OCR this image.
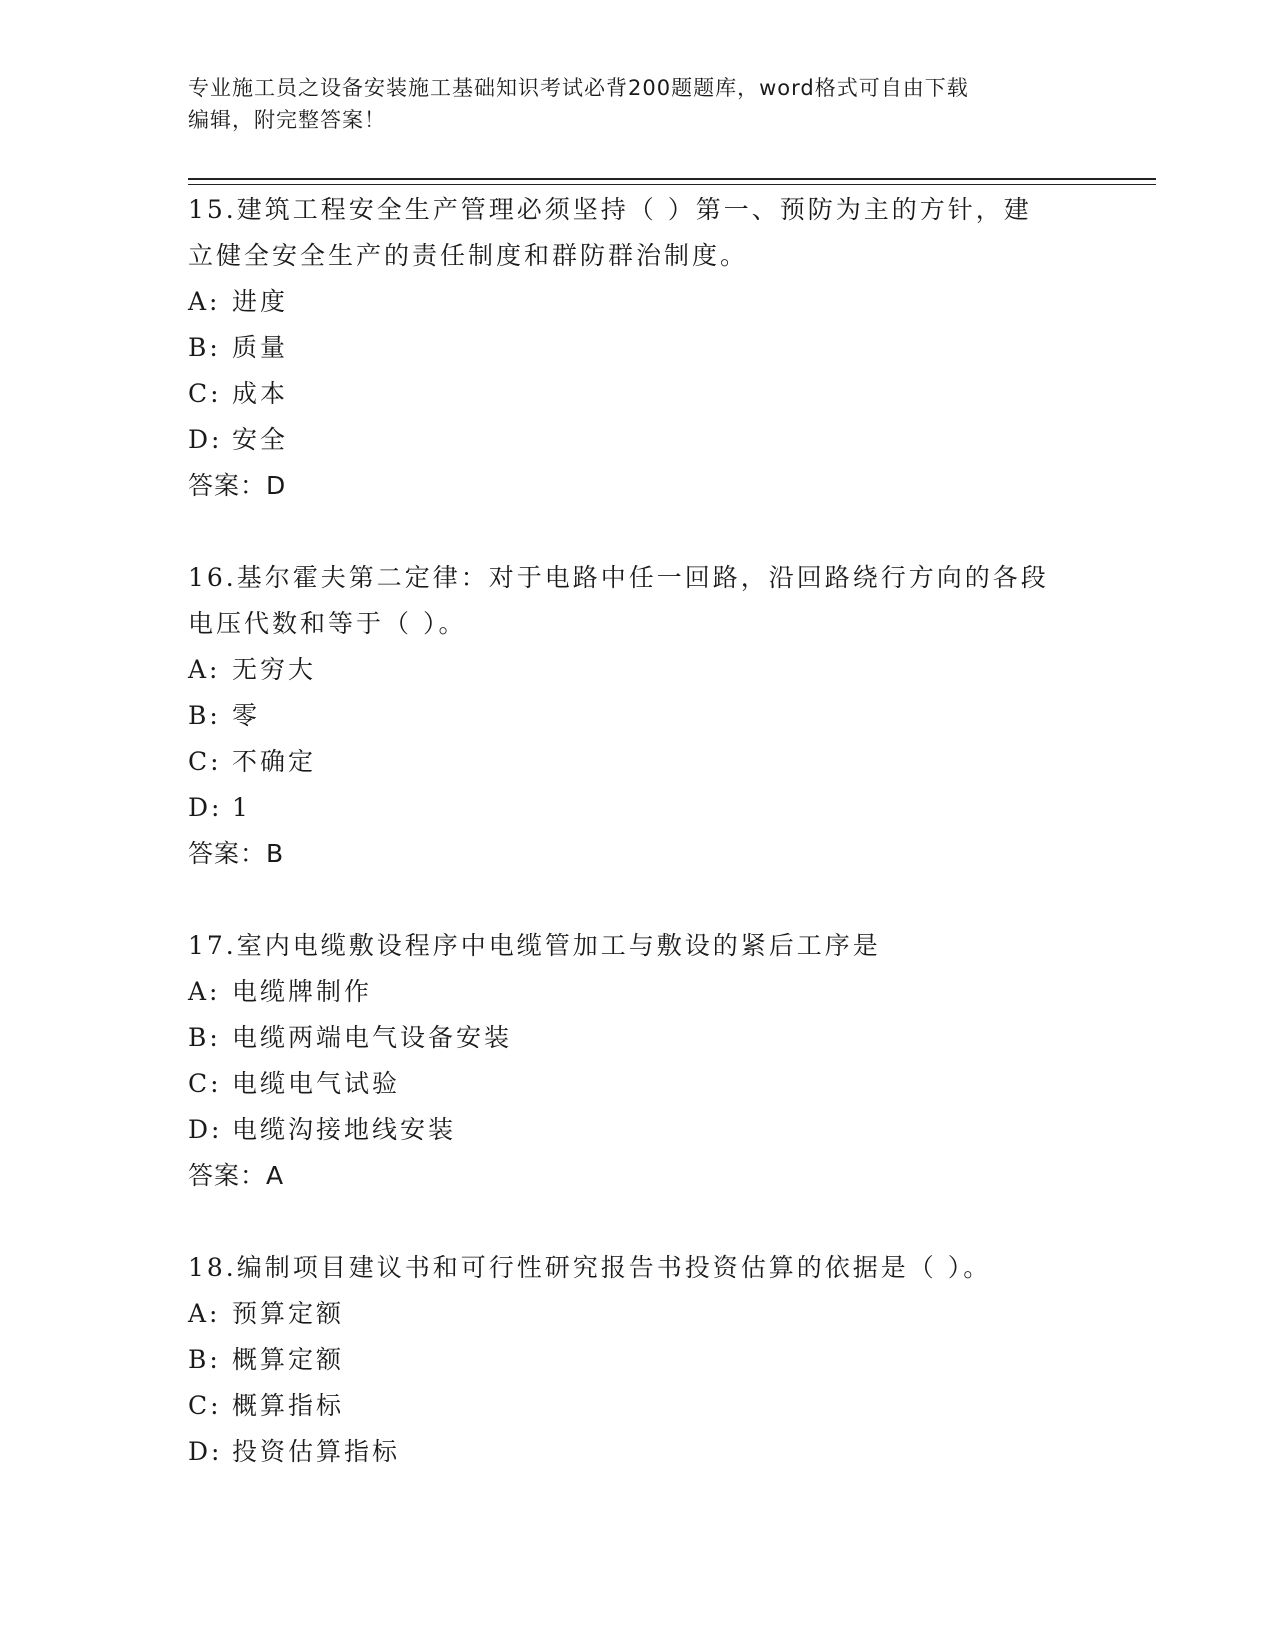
专业施工员之设备安装施工基础知识考试必背200题题库，word格式可自由下载
编辑，附完整答案！
15.建筑工程安全生产管理必须坚持（ ）第一、预防为主的方针，建
立健全安全生产的责任制度和群防群治制度。
A: 进度
B: 质量
C: 成本
D: 安全
答案：D
16.基尔霍夫第二定律：对于电路中任一回路，沿回路绕行方向的各段
电压代数和等于（ ）。
A: 无穷大
B: 零
C: 不确定
D: 1
答案：B
17.室内电缆敷设程序中电缆管加工与敷设的紧后工序是
A: 电缆牌制作
B: 电缆两端电气设备安装
C: 电缆电气试验
D: 电缆沟接地线安装
答案：A
18.编制项目建议书和可行性研究报告书投资估算的依据是（ ）。
A: 预算定额
B: 概算定额
C: 概算指标
D: 投资估算指标
